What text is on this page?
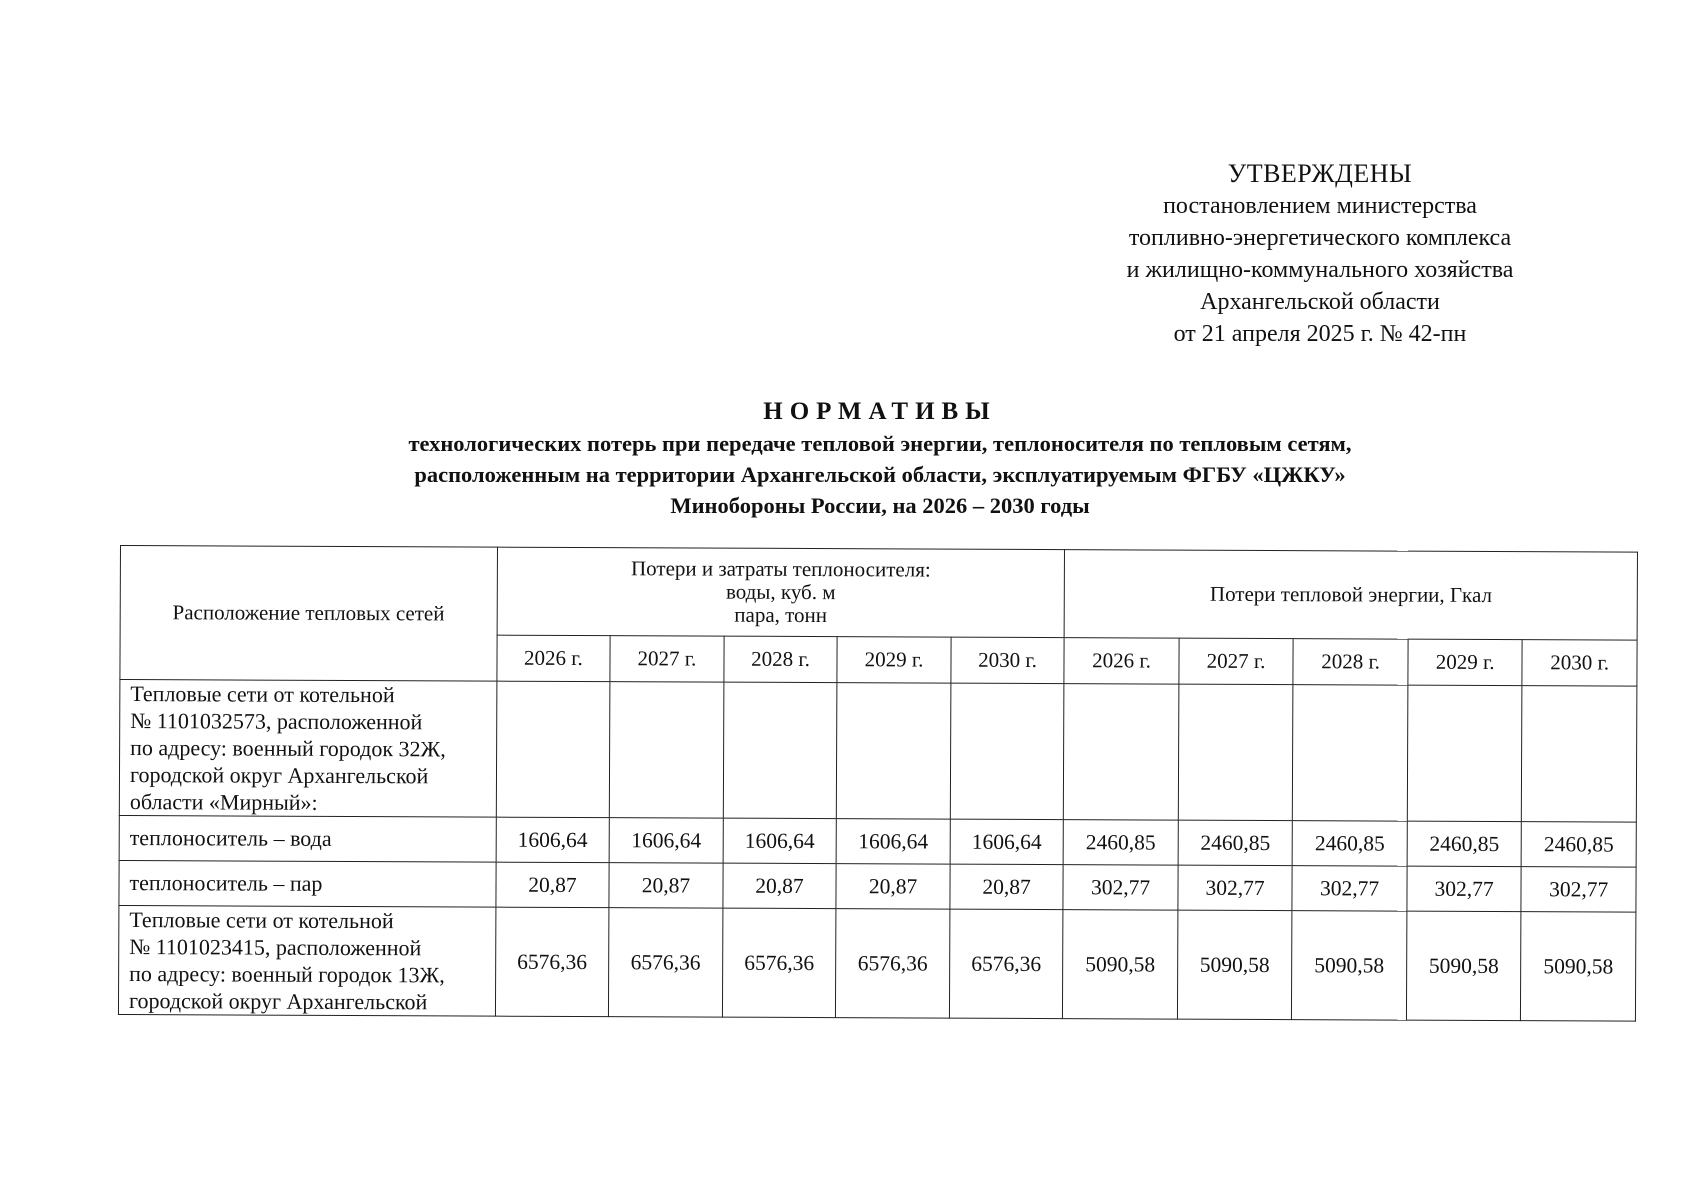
УТВЕРЖДЕНЫ
постановлением министерства
топливно-энергетического комплекса
и жилищно-коммунального хозяйства
Архангельской области
от 21 апреля 2025 г. № 42-пн
НОРМАТИВЫ
технологических потерь при передаче тепловой энергии, теплоносителя по тепловым сетям,
расположенным на территории Архангельской области, эксплуатируемым ФГБУ «ЦЖКУ»
Минобороны России, на 2026 – 2030 годы
Расположение тепловых сетей	Потери и затраты теплоносителя:
воды, куб. м
пара, тонн					Потери тепловой энергии, Гкал				
	2026 г.	2027 г.	2028 г.	2029 г.	2030 г.	2026 г.	2027 г.	2028 г.	2029 г.	2030 г.

Тепловые сети от котельной
№ 1101032573, расположенной
по адресу: военный городок 32Ж,
городской округ Архангельской
области «Мирный»:										

теплоноситель – вода	1606,64	1606,64	1606,64	1606,64	1606,64	2460,85	2460,85	2460,85	2460,85	2460,85
теплоноситель – пар	20,87	20,87	20,87	20,87	20,87	302,77	302,77	302,77	302,77	302,77

Тепловые сети от котельной
№ 1101023415, расположенной
по адресу: военный городок 13Ж,
городской округ Архангельской	6576,36	6576,36	6576,36	6576,36	6576,36	5090,58	5090,58	5090,58	5090,58	5090,58
